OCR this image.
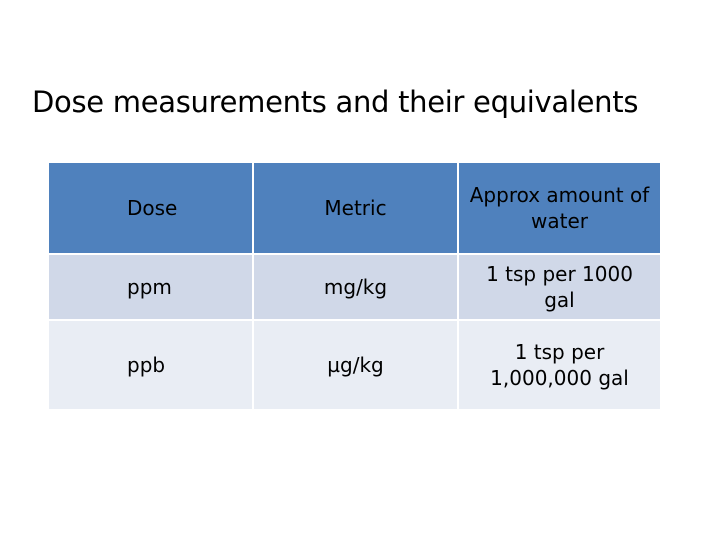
Dose measurements and their equivalents
Dose	Metric	Approx amount of water
ppm	mg/kg	1 tsp per 1000 gal
ppb	µg/kg	1 tsp per 1,000,000 gal
